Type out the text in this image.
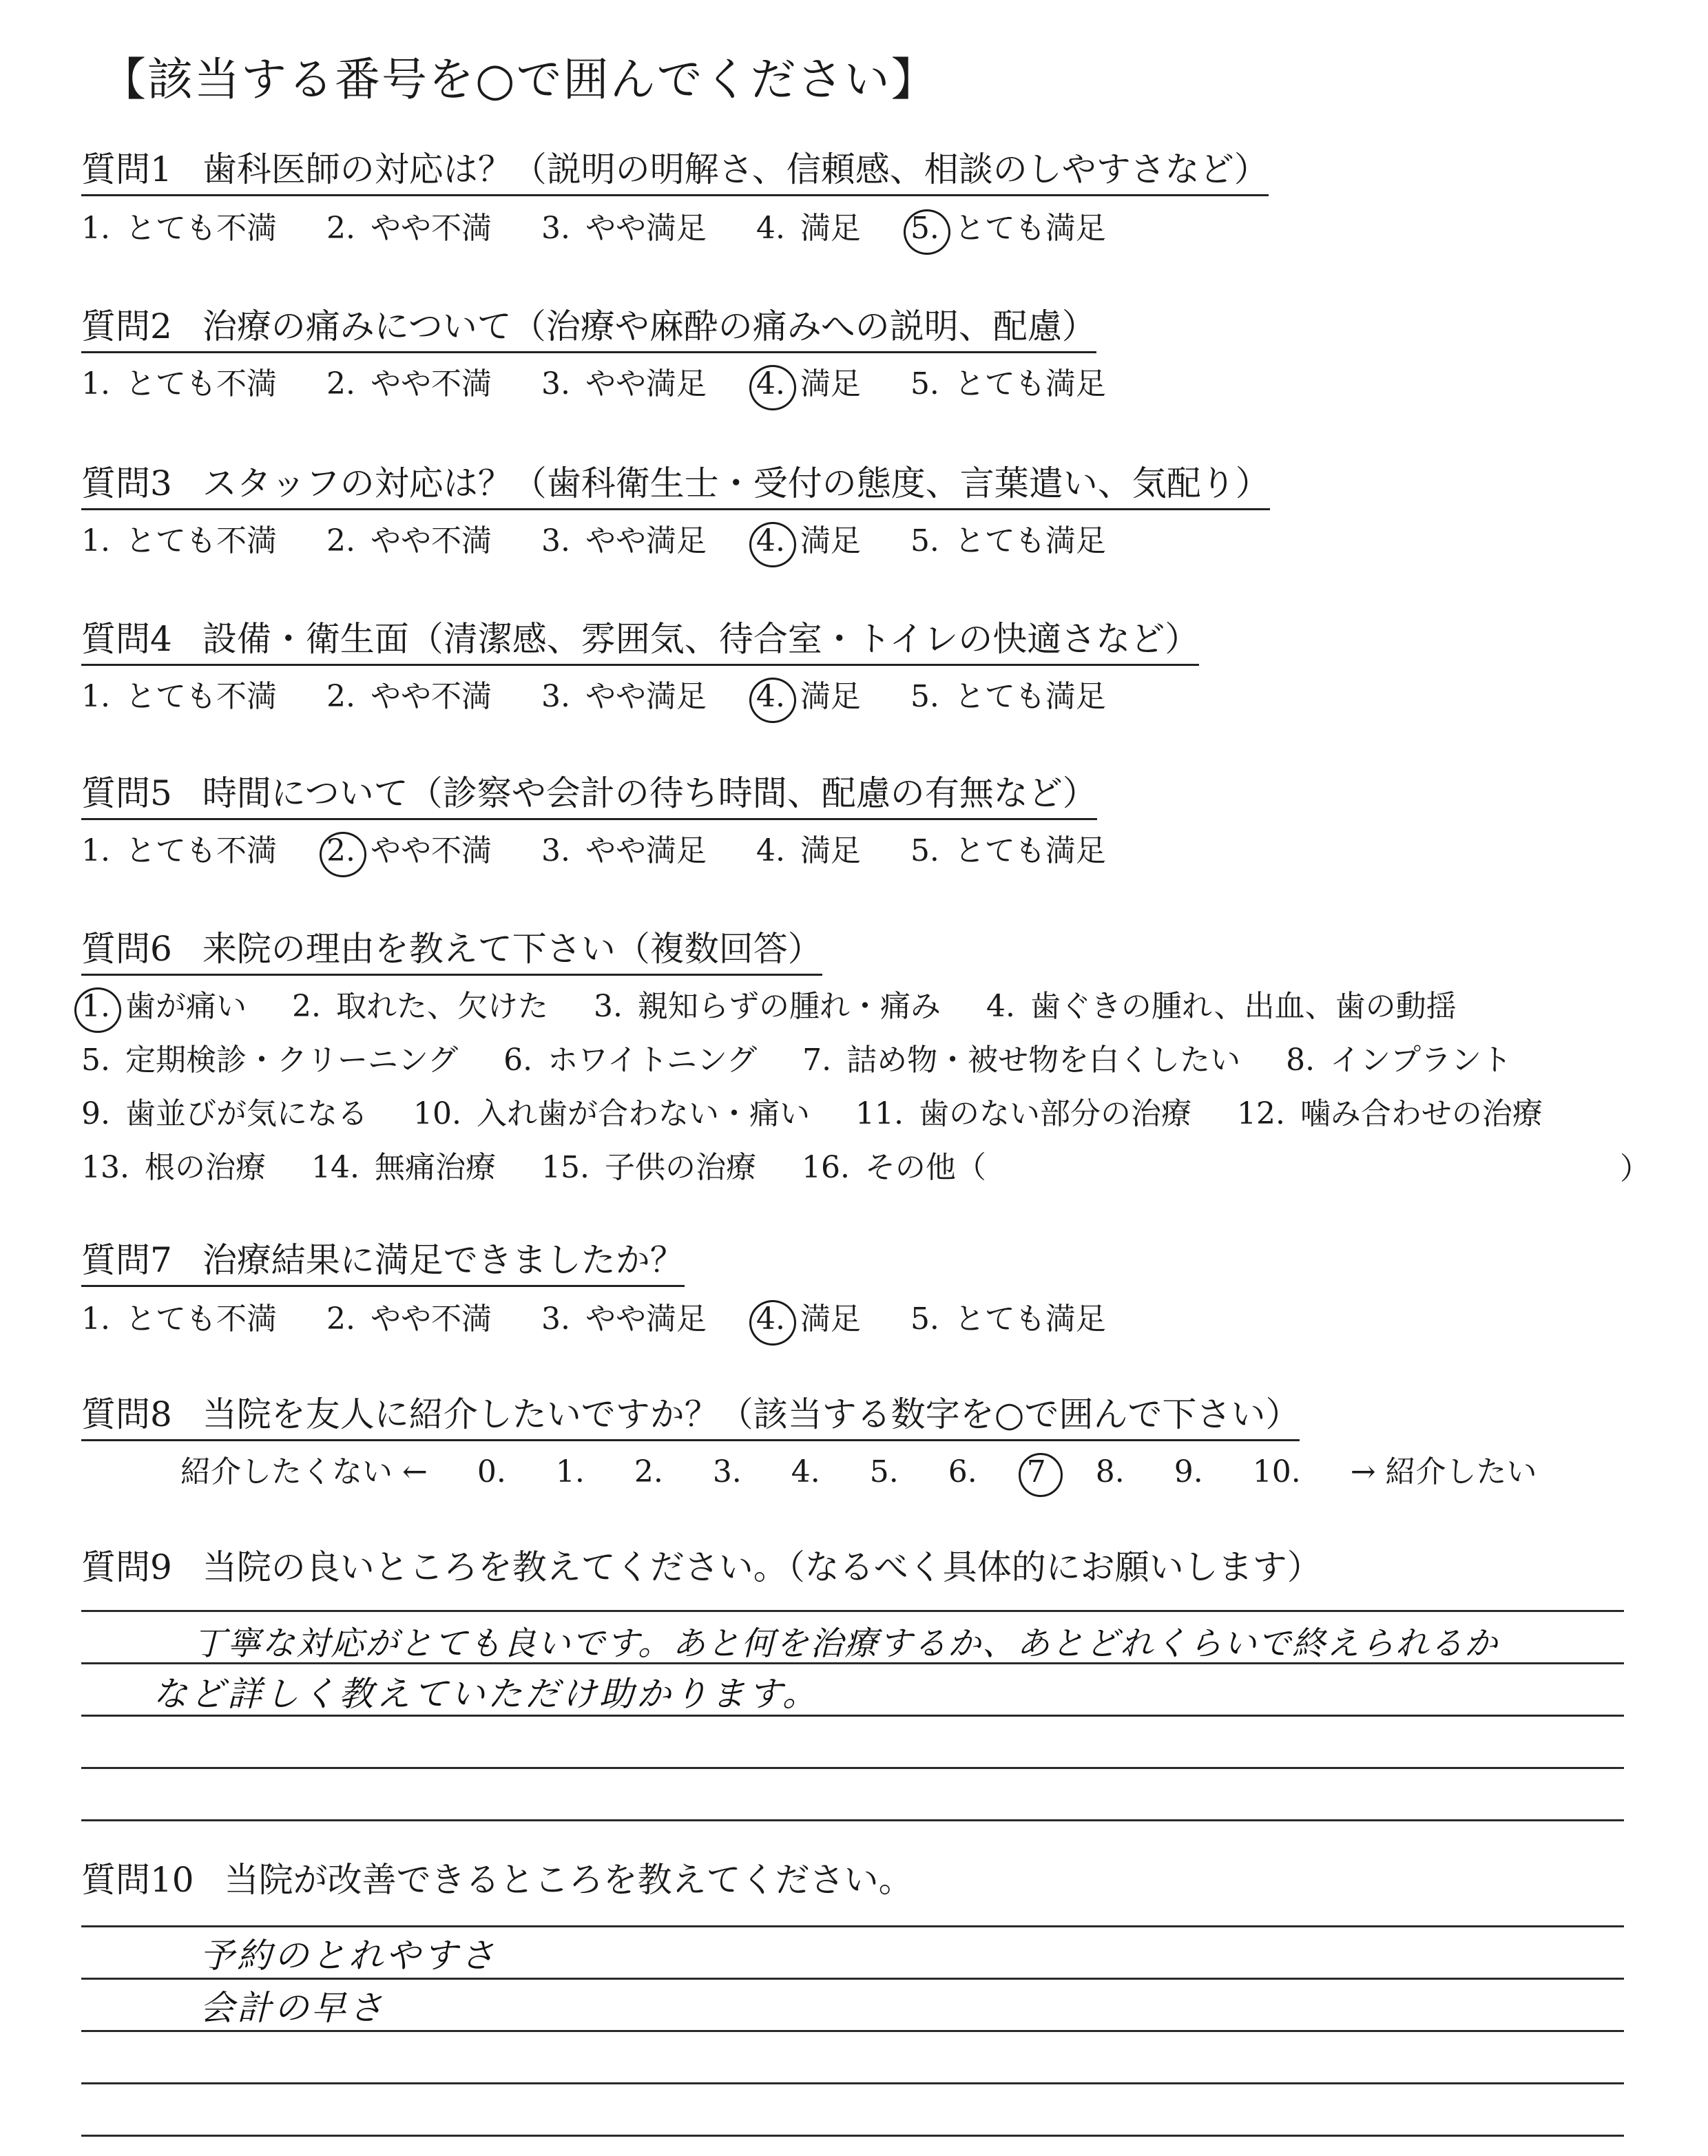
【該当する番号を○で囲んでください】
質問1 歯科医師の対応は？（説明の明解さ、信頼感、相談のしやすさなど）
1. とても不満 2. やや不満 3. やや満足 4. 満足 5. とても満足
質問2 治療の痛みについて（治療や麻酔の痛みへの説明、配慮）
1. とても不満 2. やや不満 3. やや満足 4. 満足 5. とても満足
質問3 スタッフの対応は？（歯科衛生士・受付の態度、言葉遣い、気配り）
1. とても不満 2. やや不満 3. やや満足 4. 満足 5. とても満足
質問4 設備・衛生面（清潔感、雰囲気、待合室・トイレの快適さなど）
1. とても不満 2. やや不満 3. やや満足 4. 満足 5. とても満足
質問5 時間について（診察や会計の待ち時間、配慮の有無など）
1. とても不満 2. やや不満 3. やや満足 4. 満足 5. とても満足
質問6 来院の理由を教えて下さい（複数回答）
1. 歯が痛い 2. 取れた、欠けた 3. 親知らずの腫れ・痛み 4. 歯ぐきの腫れ、出血、歯の動揺
5. 定期検診・クリーニング 6. ホワイトニング 7. 詰め物・被せ物を白くしたい 8. インプラント
9. 歯並びが気になる 10. 入れ歯が合わない・痛い 11. 歯のない部分の治療 12. 噛み合わせの治療
13. 根の治療 14. 無痛治療 15. 子供の治療 16. その他（	）
質問7 治療結果に満足できましたか？
1. とても不満 2. やや不満 3. やや満足 4. 満足 5. とても満足
質問8 当院を友人に紹介したいですか？（該当する数字を○で囲んで下さい）
紹介したくない ← 0. 1. 2. 3. 4. 5. 6. 7 8. 9. 10. → 紹介したい
質問9 当院の良いところを教えてください。（なるべく具体的にお願いします）
丁寧な対応がとても良いです。あと何を治療するか、あとどれくらいで終えられるか
など詳しく教えていただけ助かります。
質問10 当院が改善できるところを教えてください。
予約のとれやすさ
会計の早さ
